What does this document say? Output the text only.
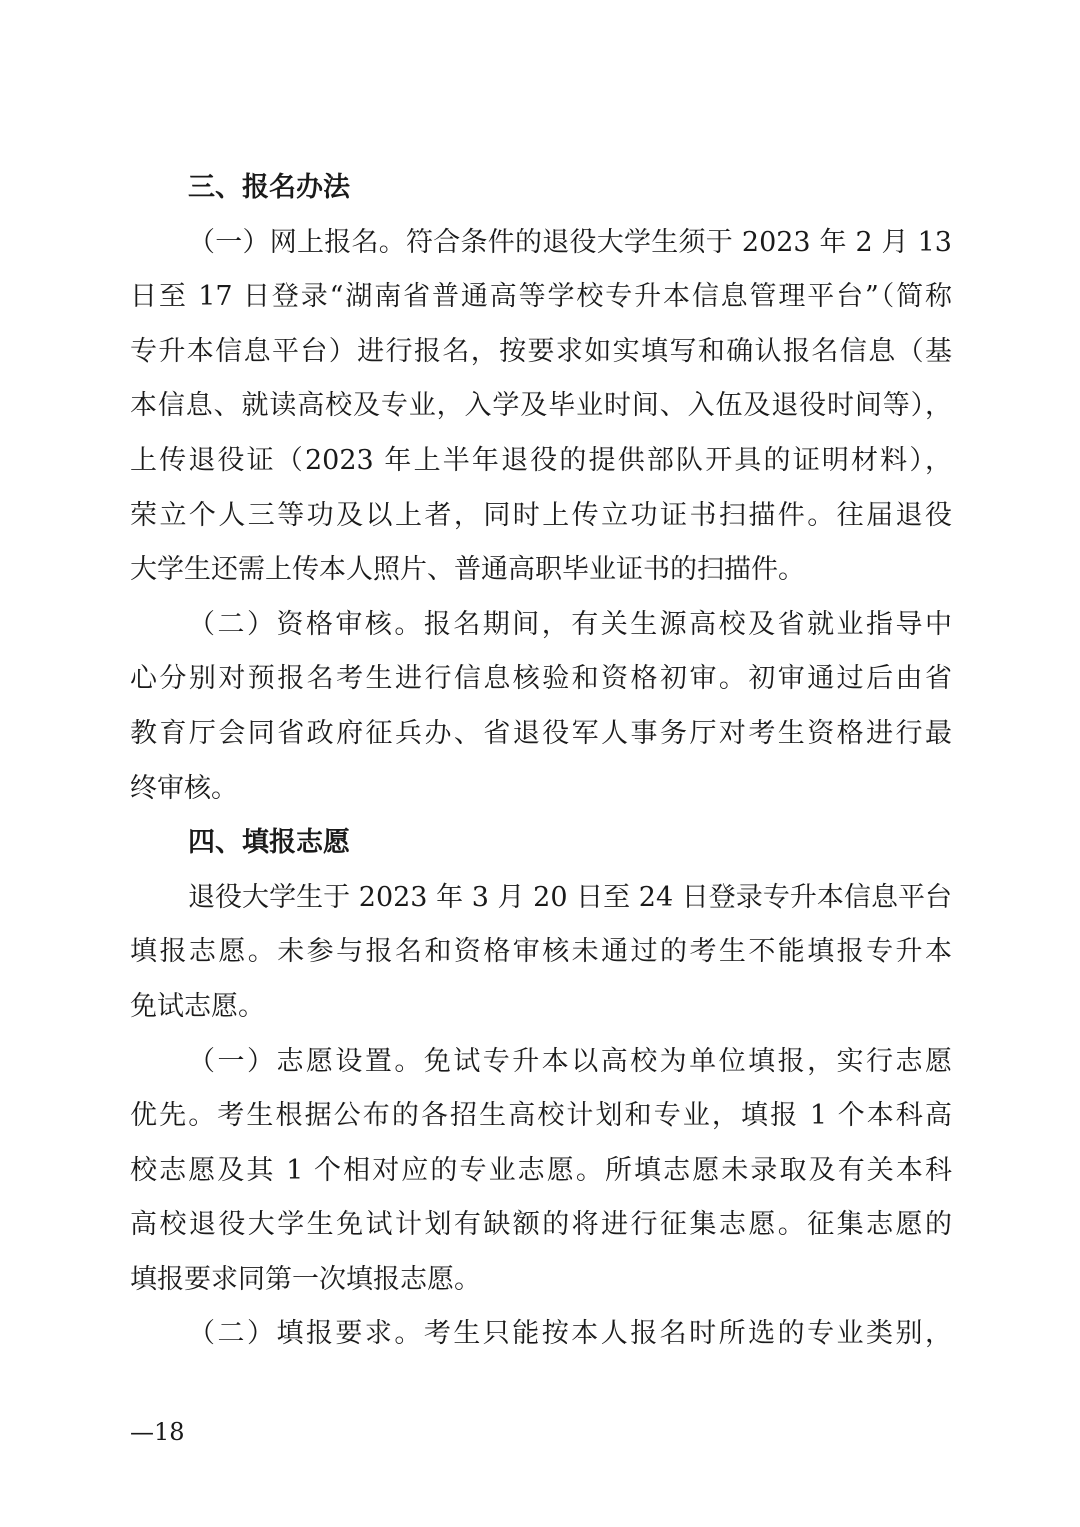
三、报名办法
（一）网上报名。符合条件的退役大学生须于 2023 年 2 月 13
日至 17 日登录“湖南省普通高等学校专升本信息管理平台”（简称
专升本信息平台）进行报名，按要求如实填写和确认报名信息（基
本信息、就读高校及专业，入学及毕业时间、入伍及退役时间等），
上传退役证（2023 年上半年退役的提供部队开具的证明材料），
荣立个人三等功及以上者，同时上传立功证书扫描件。往届退役
大学生还需上传本人照片、普通高职毕业证书的扫描件。
（二）资格审核。报名期间，有关生源高校及省就业指导中
心分别对预报名考生进行信息核验和资格初审。初审通过后由省
教育厅会同省政府征兵办、省退役军人事务厅对考生资格进行最
终审核。
四、填报志愿
退役大学生于 2023 年 3 月 20 日至 24 日登录专升本信息平台
填报志愿。未参与报名和资格审核未通过的考生不能填报专升本
免试志愿。
（一）志愿设置。免试专升本以高校为单位填报，实行志愿
优先。考生根据公布的各招生高校计划和专业，填报 1 个本科高
校志愿及其 1 个相对应的专业志愿。所填志愿未录取及有关本科
高校退役大学生免试计划有缺额的将进行征集志愿。征集志愿的
填报要求同第一次填报志愿。
（二）填报要求。考生只能按本人报名时所选的专业类别，
—18
